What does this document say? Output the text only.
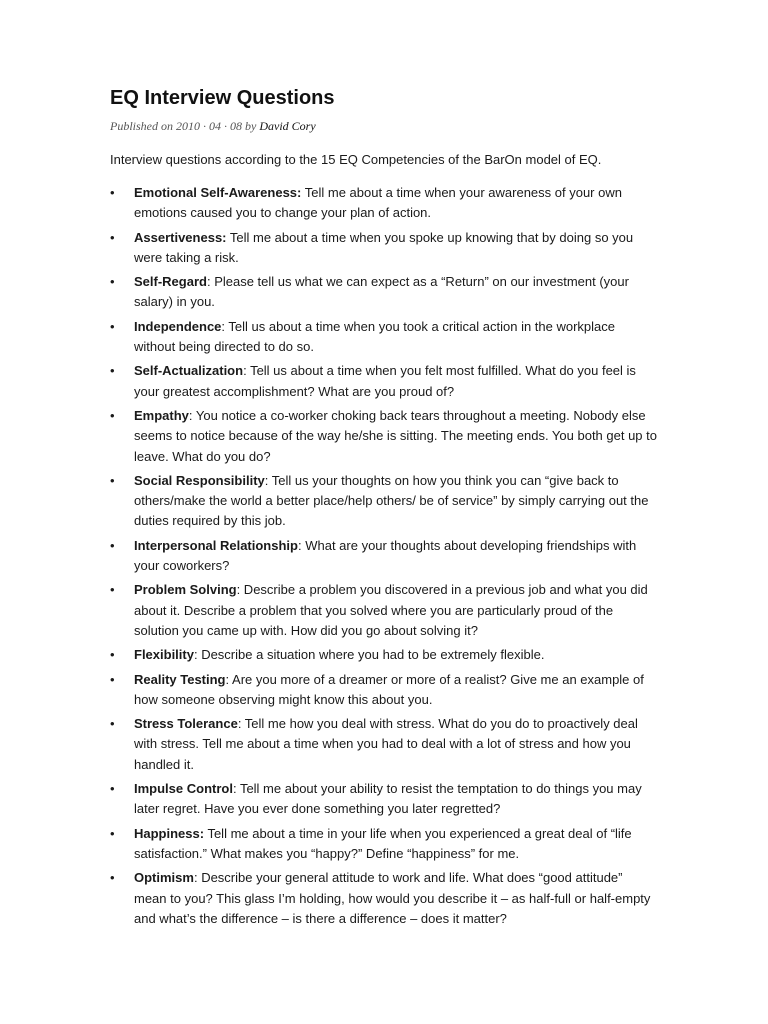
EQ Interview Questions
Published on 2010 · 04 · 08 by David Cory

Interview questions according to the 15 EQ Competencies of the BarOn model of EQ.

•	Emotional Self-Awareness: Tell me about a time when your awareness of your own emotions caused you to change your plan of action.
•	Assertiveness: Tell me about a time when you spoke up knowing that by doing so you were taking a risk.
•	Self-Regard: Please tell us what we can expect as a “Return” on our investment (your salary) in you.
•	Independence: Tell us about a time when you took a critical action in the workplace without being directed to do so.
•	Self-Actualization: Tell us about a time when you felt most fulfilled. What do you feel is your greatest accomplishment? What are you proud of?
•	Empathy: You notice a co-worker choking back tears throughout a meeting. Nobody else seems to notice because of the way he/she is sitting. The meeting ends. You both get up to leave. What do you do?
•	Social Responsibility: Tell us your thoughts on how you think you can “give back to others/make the world a better place/help others/ be of service” by simply carrying out the duties required by this job.
•	Interpersonal Relationship: What are your thoughts about developing friendships with your coworkers?
•	Problem Solving: Describe a problem you discovered in a previous job and what you did about it. Describe a problem that you solved where you are particularly proud of the solution you came up with. How did you go about solving it?
•	Flexibility: Describe a situation where you had to be extremely flexible.
•	Reality Testing: Are you more of a dreamer or more of a realist? Give me an example of how someone observing might know this about you.
•	Stress Tolerance: Tell me how you deal with stress. What do you do to proactively deal with stress. Tell me about a time when you had to deal with a lot of stress and how you handled it.
•	Impulse Control: Tell me about your ability to resist the temptation to do things you may later regret. Have you ever done something you later regretted?
•	Happiness: Tell me about a time in your life when you experienced a great deal of “life satisfaction.” What makes you “happy?” Define “happiness” for me.
•	Optimism: Describe your general attitude to work and life. What does “good attitude” mean to you? This glass I’m holding, how would you describe it – as half-full or half-empty and what’s the difference – is there a difference – does it matter?
